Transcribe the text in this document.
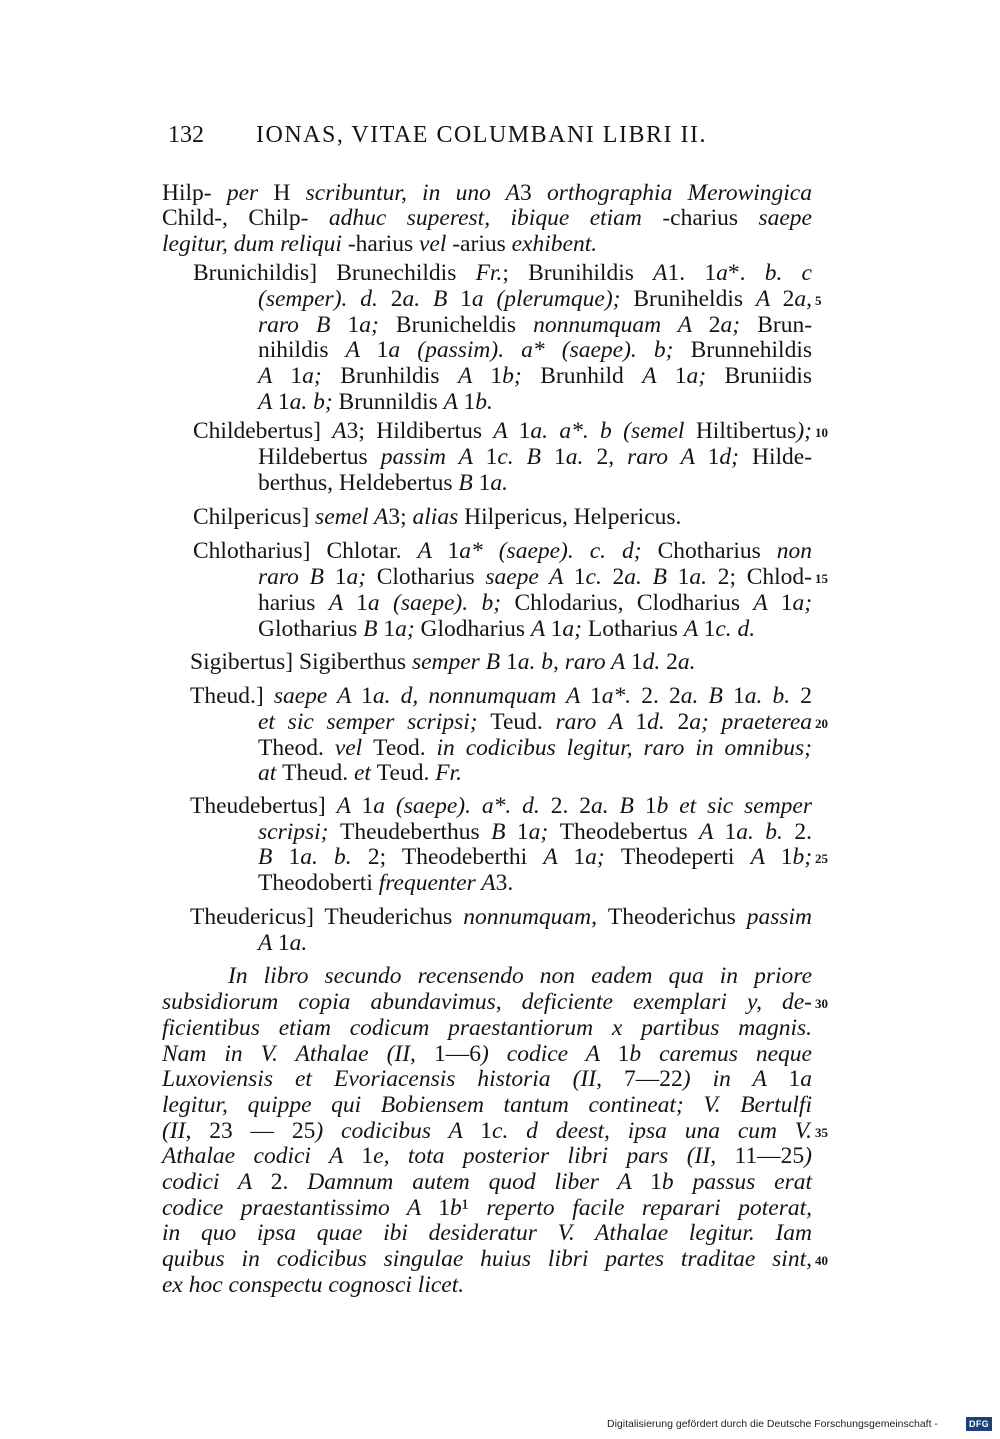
132 IONAS, VITAE COLUMBANI LIBRI II.
Hilp- per H scribuntur, in uno A3 orthographia Merowingica
Child-, Chilp- adhuc superest, ibique etiam -charius saepe
legitur, dum reliqui -harius vel -arius exhibent.
Brunichildis] Brunechildis Fr.; Brunihildis A1. 1a*. b. c
(semper). d. 2a. B 1a (plerumque); Bruniheldis A 2a, 5
raro B 1a; Brunicheldis nonnumquam A 2a; Brun-
nihildis A 1a (passim). a* (saepe). b; Brunnehildis
A 1a; Brunhildis A 1b; Brunhild A 1a; Bruniidis
A 1a. b; Brunnildis A 1b.
Childebertus] A3; Hildibertus A 1a. a*. b (semel Hiltibertus); 10
Hildebertus passim A 1c. B 1a. 2, raro A 1d; Hilde-
berthus, Heldebertus B 1a.
Chilpericus] semel A3; alias Hilpericus, Helpericus.
Chlotharius] Chlotar. A 1a* (saepe). c. d; Chotharius non
raro B 1a; Clotharius saepe A 1c. 2a. B 1a. 2; Chlod- 15
harius A 1a (saepe). b; Chlodarius, Clodharius A 1a;
Glotharius B 1a; Glodharius A 1a; Lotharius A 1c. d.
Sigibertus] Sigiberthus semper B 1a. b, raro A 1d. 2a.
Theud.] saepe A 1a. d, nonnumquam A 1a*. 2. 2a. B 1a. b. 2
et sic semper scripsi; Teud. raro A 1d. 2a; praeterea 20
Theod. vel Teod. in codicibus legitur, raro in omnibus;
at Theud. et Teud. Fr.
Theudebertus] A 1a (saepe). a*. d. 2. 2a. B 1b et sic semper
scripsi; Theudeberthus B 1a; Theodebertus A 1a. b. 2.
B 1a. b. 2; Theodeberthi A 1a; Theodeperti A 1b; 25
Theodoberti frequenter A3.
Theudericus] Theuderichus nonnumquam, Theoderichus passim
A 1a.
In libro secundo recensendo non eadem qua in priore
subsidiorum copia abundavimus, deficiente exemplari y, de- 30
ficientibus etiam codicum praestantiorum x partibus magnis.
Nam in V. Athalae (II, 1—6) codice A 1b caremus neque
Luxoviensis et Evoriacensis historia (II, 7—22) in A 1a
legitur, quippe qui Bobiensem tantum contineat; V. Bertulfi
(II, 23 — 25) codicibus A 1c. d deest, ipsa una cum V. 35
Athalae codici A 1e, tota posterior libri pars (II, 11—25)
codici A 2. Damnum autem quod liber A 1b passus erat
codice praestantissimo A 1b¹ reperto facile reparari poterat,
in quo ipsa quae ibi desideratur V. Athalae legitur. Iam
quibus in codicibus singulae huius libri partes traditae sint, 40
ex hoc conspectu cognosci licet.
Digitalisierung gefördert durch die Deutsche Forschungsgemeinschaft -	DFG
